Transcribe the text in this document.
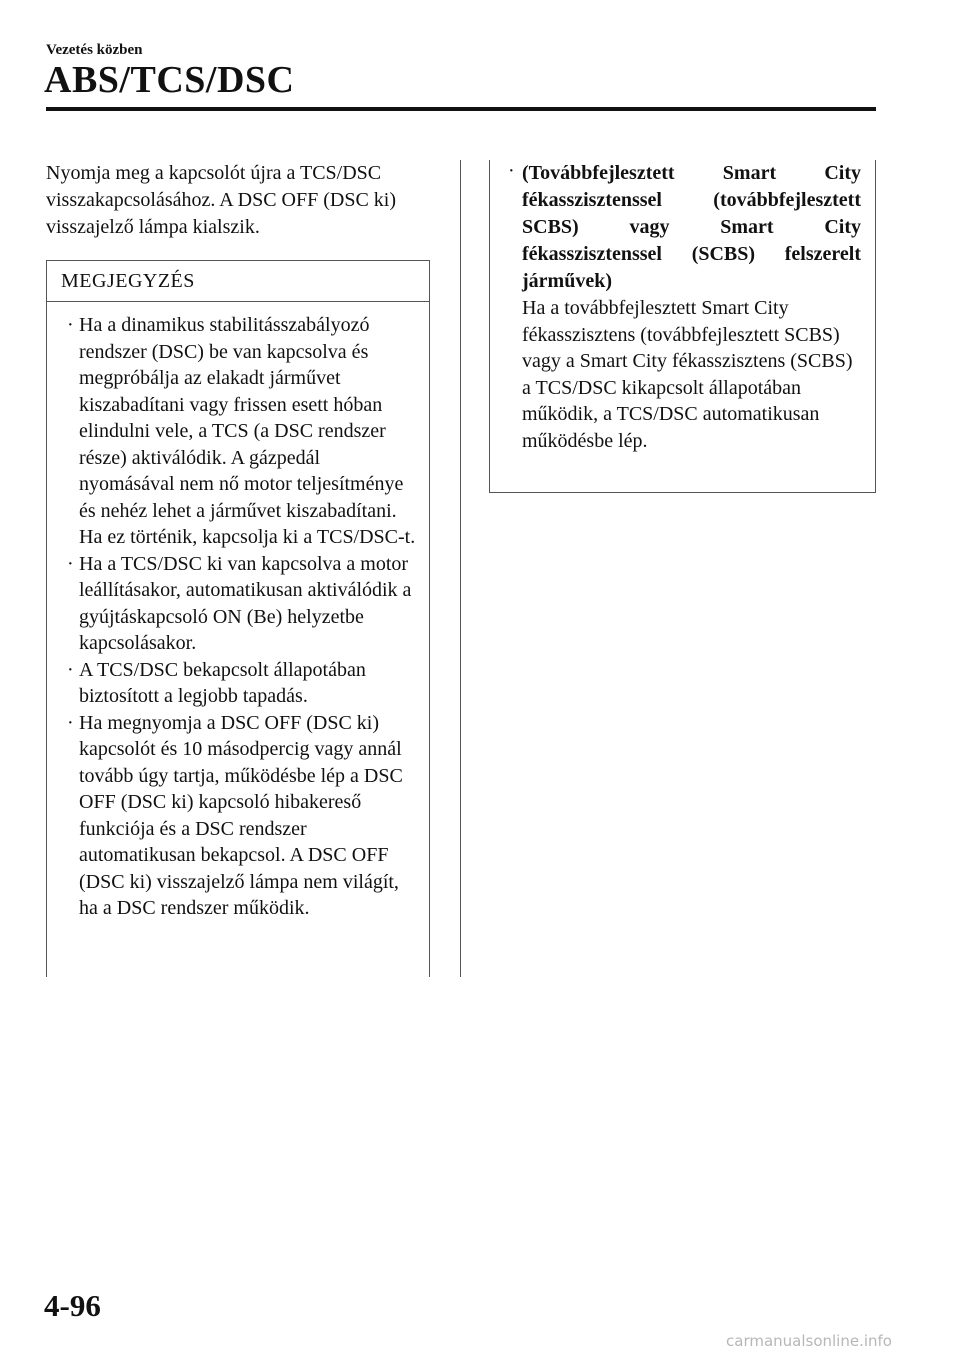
Vezetés közben
ABS/TCS/DSC

Nyomja meg a kapcsolót újra a TCS/DSC visszakapcsolásához. A DSC OFF (DSC ki) visszajelző lámpa kialszik.

MEGJEGYZÉS
· Ha a dinamikus stabilitásszabályozó rendszer (DSC) be van kapcsolva és megpróbálja az elakadt járművet kiszabadítani vagy frissen esett hóban elindulni vele, a TCS (a DSC rendszer része) aktiválódik. A gázpedál nyomásával nem nő motor teljesítménye és nehéz lehet a járművet kiszabadítani. Ha ez történik, kapcsolja ki a TCS/DSC-t.
· Ha a TCS/DSC ki van kapcsolva a motor leállításakor, automatikusan aktiválódik a gyújtáskapcsoló ON (Be) helyzetbe kapcsolásakor.
· A TCS/DSC bekapcsolt állapotában biztosított a legjobb tapadás.
· Ha megnyomja a DSC OFF (DSC ki) kapcsolót és 10 másodpercig vagy annál tovább úgy tartja, működésbe lép a DSC OFF (DSC ki) kapcsoló hibakereső funkciója és a DSC rendszer automatikusan bekapcsol. A DSC OFF (DSC ki) visszajelző lámpa nem világít, ha a DSC rendszer működik.
· (Továbbfejlesztett Smart City fékasszisztenssel (továbbfejlesztett SCBS) vagy Smart City fékasszisztenssel (SCBS) felszerelt járművek)

Ha a továbbfejlesztett Smart City fékasszisztens (továbbfejlesztett SCBS) vagy a Smart City fékasszisztens (SCBS) a TCS/DSC kikapcsolt állapotában működik, a TCS/DSC automatikusan működésbe lép.

4-96
carmanualsonline.info
